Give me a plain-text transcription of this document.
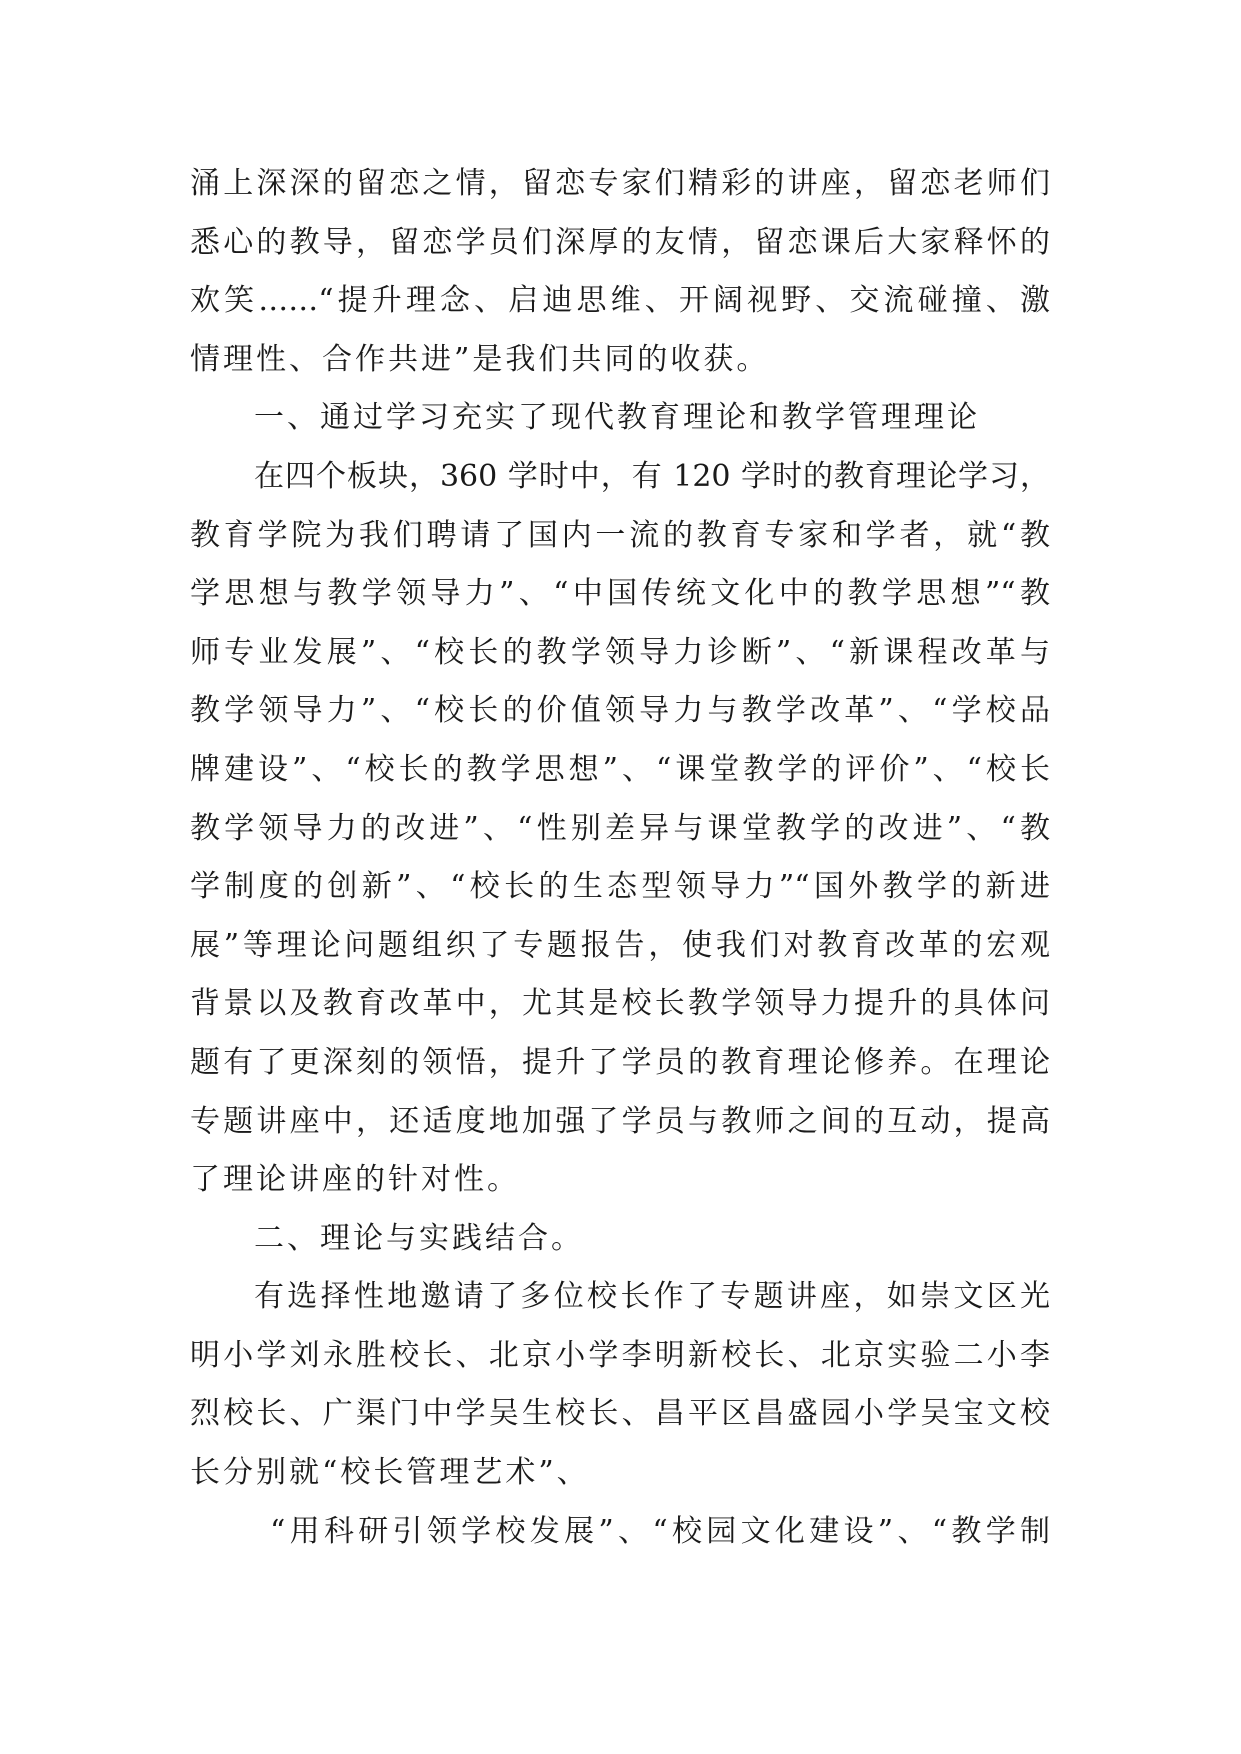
涌上深深的留恋之情，留恋专家们精彩的讲座，留恋老师们
悉心的教导，留恋学员们深厚的友情，留恋课后大家释怀的
欢笑……“提升理念、启迪思维、开阔视野、交流碰撞、激
情理性、合作共进”是我们共同的收获。
一、通过学习充实了现代教育理论和教学管理理论
在四个板块，360 学时中，有 120 学时的教育理论学习，
教育学院为我们聘请了国内一流的教育专家和学者，就“教
学思想与教学领导力”、“中国传统文化中的教学思想”“教
师专业发展”、“校长的教学领导力诊断”、“新课程改革与
教学领导力”、“校长的价值领导力与教学改革”、“学校品
牌建设”、“校长的教学思想”、“课堂教学的评价”、“校长
教学领导力的改进”、“性别差异与课堂教学的改进”、“教
学制度的创新”、“校长的生态型领导力”“国外教学的新进
展”等理论问题组织了专题报告，使我们对教育改革的宏观
背景以及教育改革中，尤其是校长教学领导力提升的具体问
题有了更深刻的领悟，提升了学员的教育理论修养。在理论
专题讲座中，还适度地加强了学员与教师之间的互动，提高
了理论讲座的针对性。
二、理论与实践结合。
有选择性地邀请了多位校长作了专题讲座，如崇文区光
明小学刘永胜校长、北京小学李明新校长、北京实验二小李
烈校长、广渠门中学吴生校长、昌平区昌盛园小学吴宝文校
长分别就“校长管理艺术”、
“用科研引领学校发展”、“校园文化建设”、“教学制
